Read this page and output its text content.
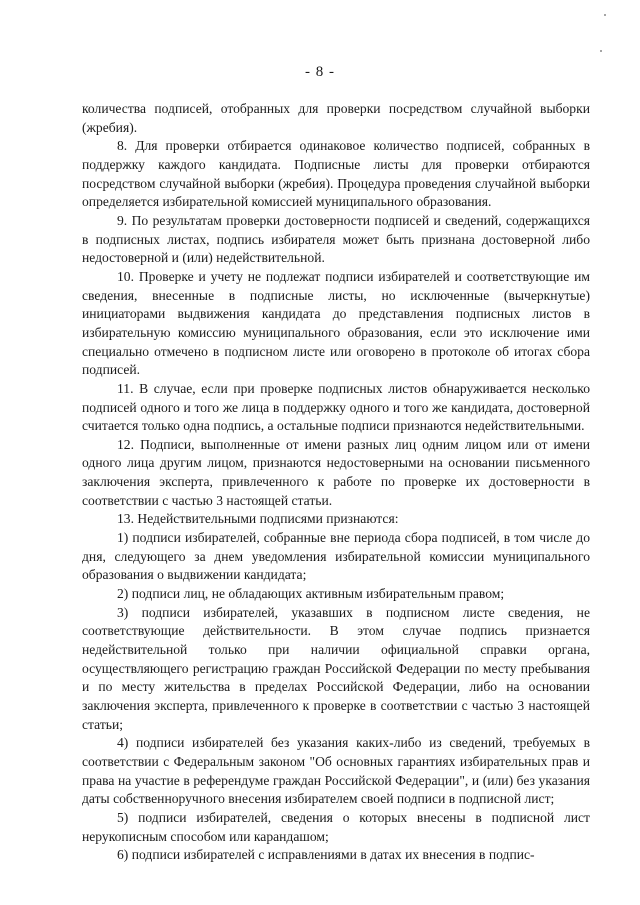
- 8 -

количества подписей, отобранных для проверки посредством случайной выборки (жребия).

8. Для проверки отбирается одинаковое количество подписей, собранных в поддержку каждого кандидата. Подписные листы для проверки отбираются посредством случайной выборки (жребия). Процедура проведения случайной выборки определяется избирательной комиссией муниципального образования.

9. По результатам проверки достоверности подписей и сведений, содержащихся в подписных листах, подпись избирателя может быть признана достоверной либо недостоверной и (или) недействительной.

10. Проверке и учету не подлежат подписи избирателей и соответствующие им сведения, внесенные в подписные листы, но исключенные (вычеркнутые) инициаторами выдвижения кандидата до представления подписных листов в избирательную комиссию муниципального образования, если это исключение ими специально отмечено в подписном листе или оговорено в протоколе об итогах сбора подписей.

11. В случае, если при проверке подписных листов обнаруживается несколько подписей одного и того же лица в поддержку одного и того же кандидата, достоверной считается только одна подпись, а остальные подписи признаются недействительными.

12. Подписи, выполненные от имени разных лиц одним лицом или от имени одного лица другим лицом, признаются недостоверными на основании письменного заключения эксперта, привлеченного к работе по проверке их достоверности в соответствии с частью 3 настоящей статьи.

13. Недействительными подписями признаются:

1) подписи избирателей, собранные вне периода сбора подписей, в том числе до дня, следующего за днем уведомления избирательной комиссии муниципального образования о выдвижении кандидата;

2) подписи лиц, не обладающих активным избирательным правом;

3) подписи избирателей, указавших в подписном листе сведения, не соответствующие действительности. В этом случае подпись признается недействительной только при наличии официальной справки органа, осуществляющего регистрацию граждан Российской Федерации по месту пребывания и по месту жительства в пределах Российской Федерации, либо на основании заключения эксперта, привлеченного к проверке в соответствии с частью 3 настоящей статьи;

4) подписи избирателей без указания каких-либо из сведений, требуемых в соответствии с Федеральным законом "Об основных гарантиях избирательных прав и права на участие в референдуме граждан Российской Федерации", и (или) без указания даты собственноручного внесения избирателем своей подписи в подписной лист;

5) подписи избирателей, сведения о которых внесены в подписной лист нерукописным способом или карандашом;

6) подписи избирателей с исправлениями в датах их внесения в подпис-
